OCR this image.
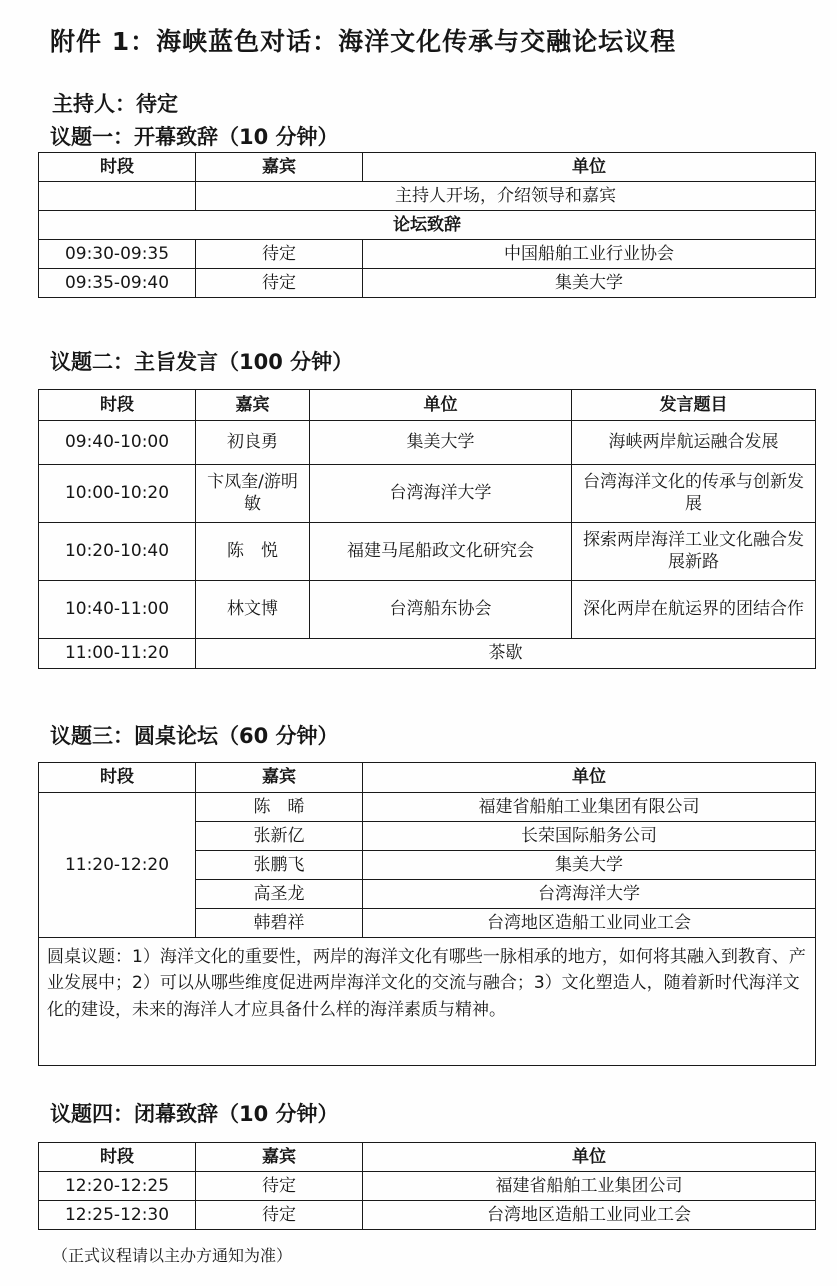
附件 1：海峡蓝色对话：海洋文化传承与交融论坛议程
主持人：待定
议题一：开幕致辞（10 分钟）
时段	嘉宾	单位
	主持人开场，介绍领导和嘉宾	
论坛致辞		
09:30-09:35	待定	中国船舶工业行业协会
09:35-09:40	待定	集美大学
议题二：主旨发言（100 分钟）
时段	嘉宾	单位	发言题目
09:40-10:00	初良勇	集美大学	海峡两岸航运融合发展
10:00-10:20	卞凤奎/游明敏	台湾海洋大学	台湾海洋文化的传承与创新发展
10:20-10:40	陈　悦	福建马尾船政文化研究会	探索两岸海洋工业文化融合发展新路
10:40-11:00	林文博	台湾船东协会	深化两岸在航运界的团结合作
11:00-11:20	茶歇		
议题三：圆桌论坛（60 分钟）
时段	嘉宾	单位
11:20-12:20	陈　晞	福建省船舶工业集团有限公司
	张新亿	长荣国际船务公司
	张鹏飞	集美大学
	高圣龙	台湾海洋大学
	韩碧祥	台湾地区造船工业同业工会
圆桌议题：1）海洋文化的重要性，两岸的海洋文化有哪些一脉相承的地方，如何将其融入到教育、产业发展中；2）可以从哪些维度促进两岸海洋文化的交流与融合；3）文化塑造人，随着新时代海洋文化的建设，未来的海洋人才应具备什么样的海洋素质与精神。		
议题四：闭幕致辞（10 分钟）
时段	嘉宾	单位
12:20-12:25	待定	福建省船舶工业集团公司
12:25-12:30	待定	台湾地区造船工业同业工会
（正式议程请以主办方通知为准）
